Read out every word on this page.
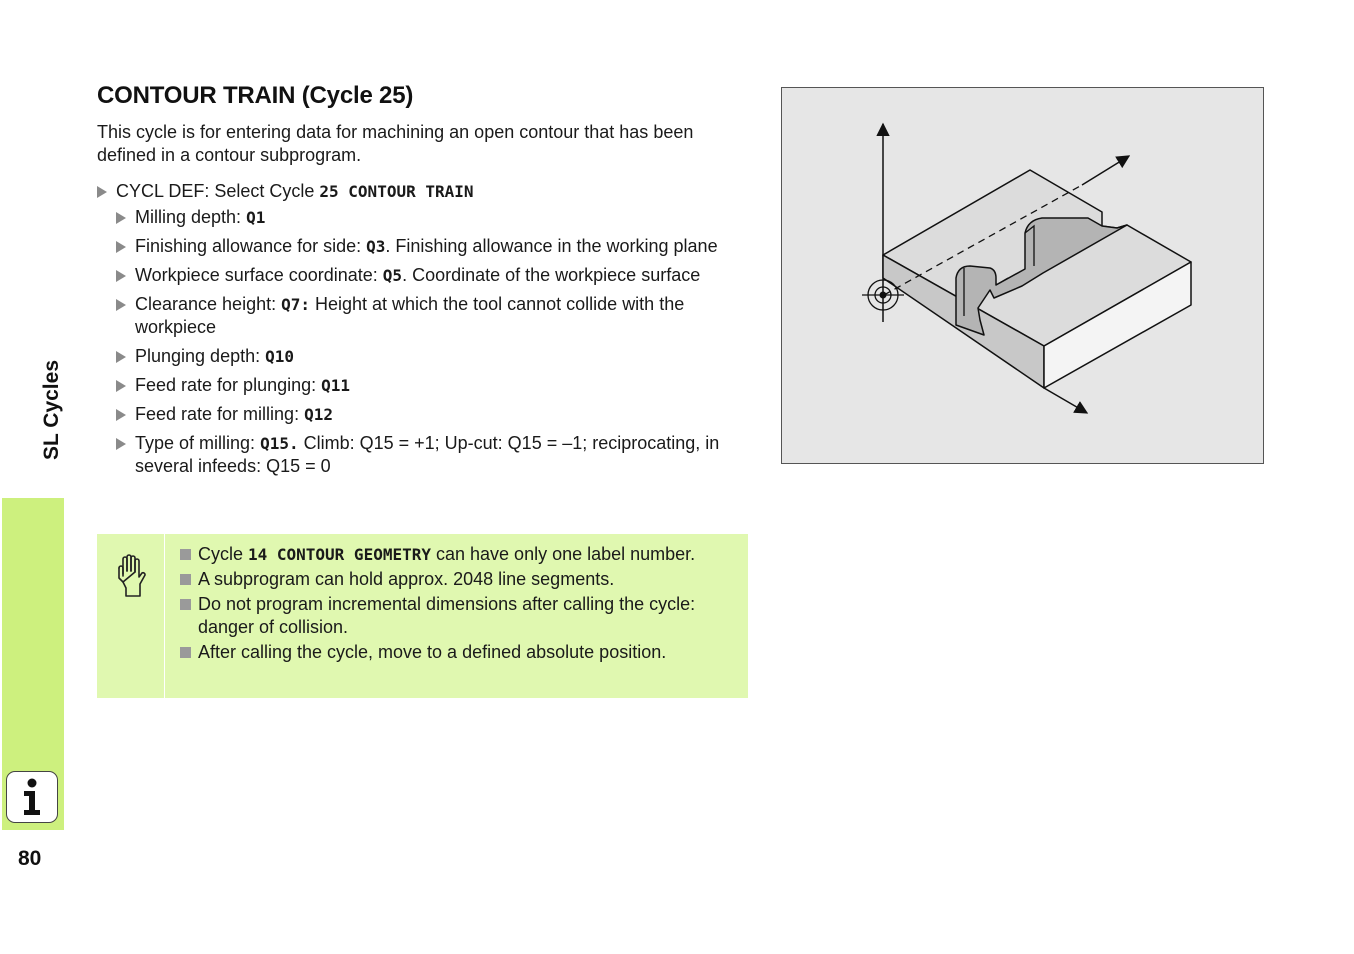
SL Cycles
80
CONTOUR TRAIN (Cycle 25)

This cycle is for entering data for machining an open contour that has been defined in a contour subprogram.

CYCL DEF: Select Cycle 25 CONTOUR TRAIN
Milling depth: Q1
Finishing allowance for side: Q3. Finishing allowance in the working plane
Workpiece surface coordinate: Q5. Coordinate of the workpiece surface
Clearance height: Q7: Height at which the tool cannot collide with the workpiece
Plunging depth: Q10
Feed rate for plunging: Q11
Feed rate for milling: Q12
Type of milling: Q15. Climb: Q15 = +1; Up-cut: Q15 = –1; reciprocating, in several infeeds: Q15 = 0
Cycle 14 CONTOUR GEOMETRY can have only one label number.
A subprogram can hold approx. 2048 line segments.
Do not program incremental dimensions after calling the cycle: danger of collision.
After calling the cycle, move to a defined absolute position.
